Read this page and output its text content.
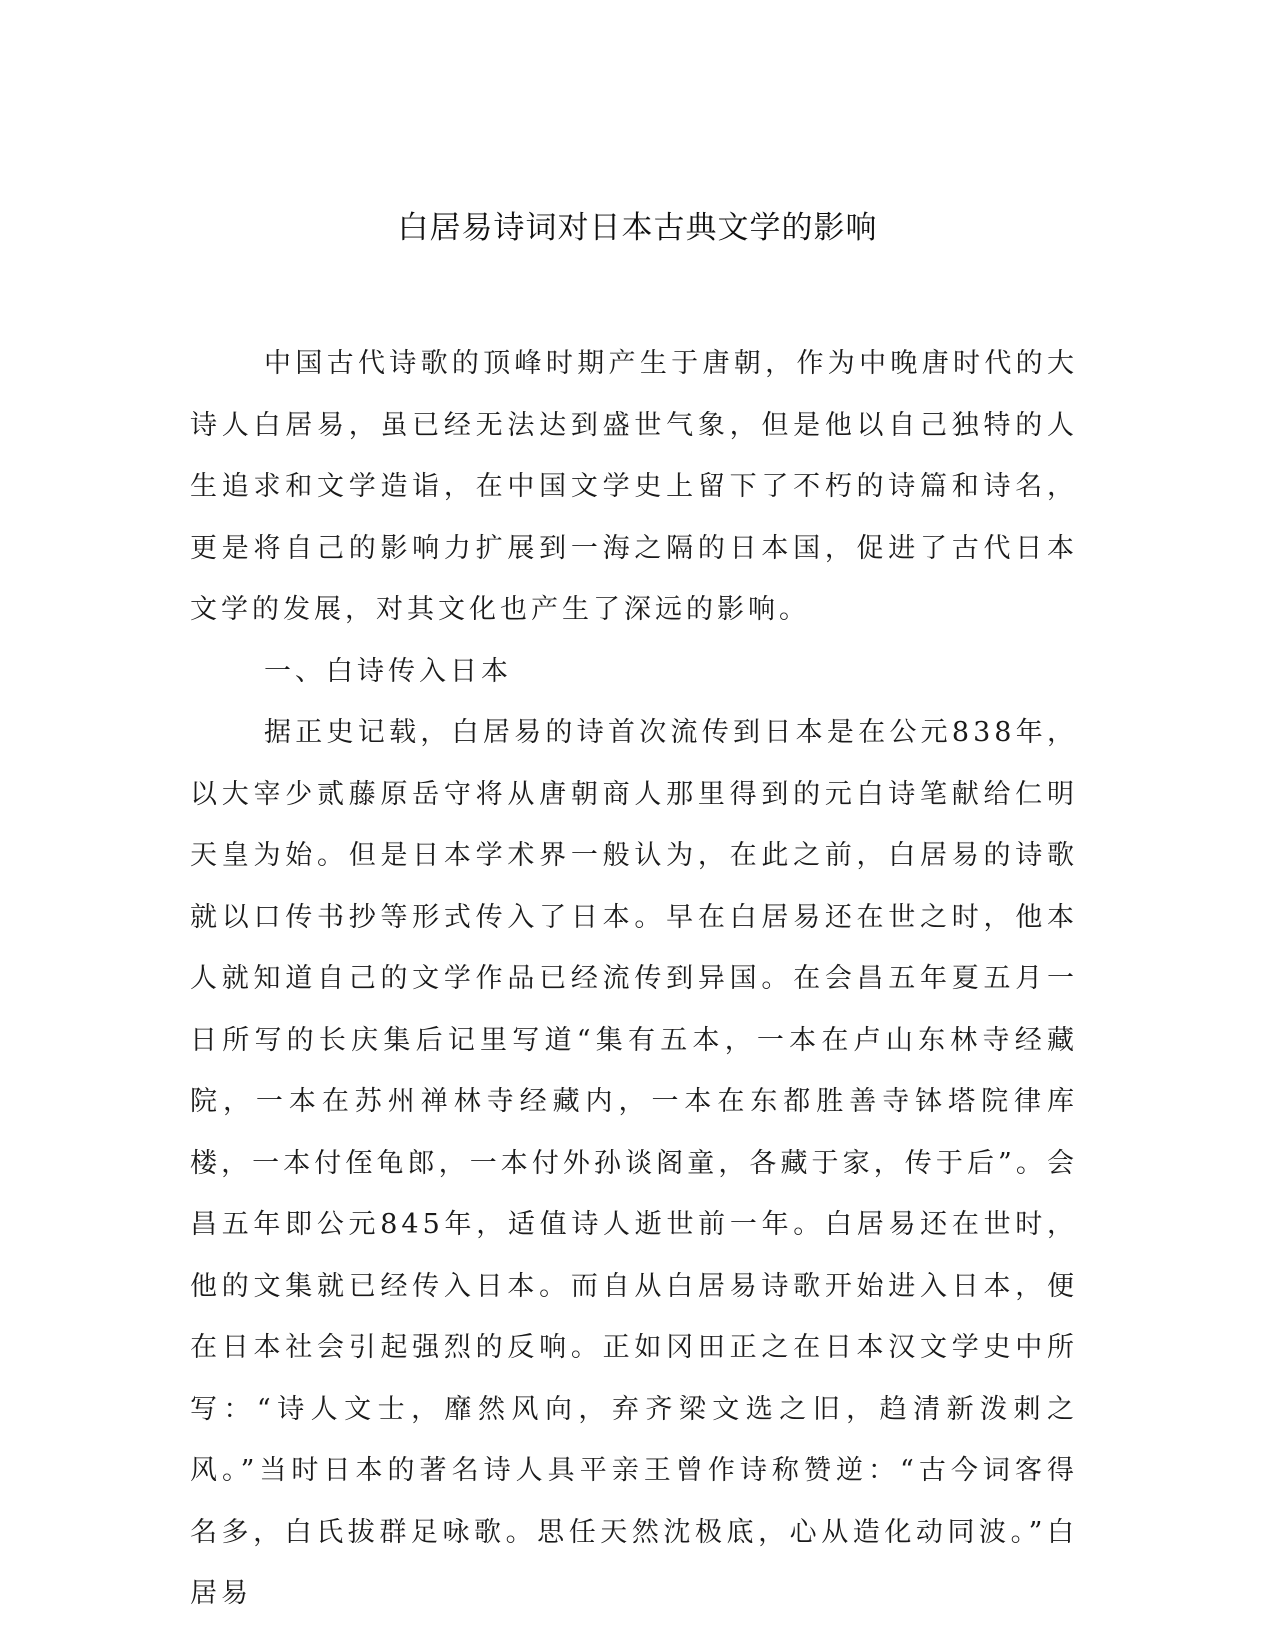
白居易诗词对日本古典文学的影响

中国古代诗歌的顶峰时期产生于唐朝，作为中晚唐时代的大诗人白居易，虽已经无法达到盛世气象，但是他以自己独特的人生追求和文学造诣，在中国文学史上留下了不朽的诗篇和诗名，更是将自己的影响力扩展到一海之隔的日本国，促进了古代日本文学的发展，对其文化也产生了深远的影响。

一、白诗传入日本

据正史记载，白居易的诗首次流传到日本是在公元838年，以大宰少贰藤原岳守将从唐朝商人那里得到的元白诗笔献给仁明天皇为始。但是日本学术界一般认为，在此之前，白居易的诗歌就以口传书抄等形式传入了日本。早在白居易还在世之时，他本人就知道自己的文学作品已经流传到异国。在会昌五年夏五月一日所写的长庆集后记里写道“集有五本，一本在卢山东林寺经藏院，一本在苏州禅林寺经藏内，一本在东都胜善寺钵塔院律库楼，一本付侄龟郎，一本付外孙谈阁童，各藏于家，传于后”。会昌五年即公元845年，适值诗人逝世前一年。白居易还在世时，他的文集就已经传入日本。而自从白居易诗歌开始进入日本，便在日本社会引起强烈的反响。正如冈田正之在日本汉文学史中所写：“诗人文士，靡然风向，弃齐梁文选之旧，趋清新泼刺之风。”当时日本的著名诗人具平亲王曾作诗称赞逆：“古今词客得名多，白氏拔群足咏歌。思任天然沈极底，心从造化动同波。”白居易
